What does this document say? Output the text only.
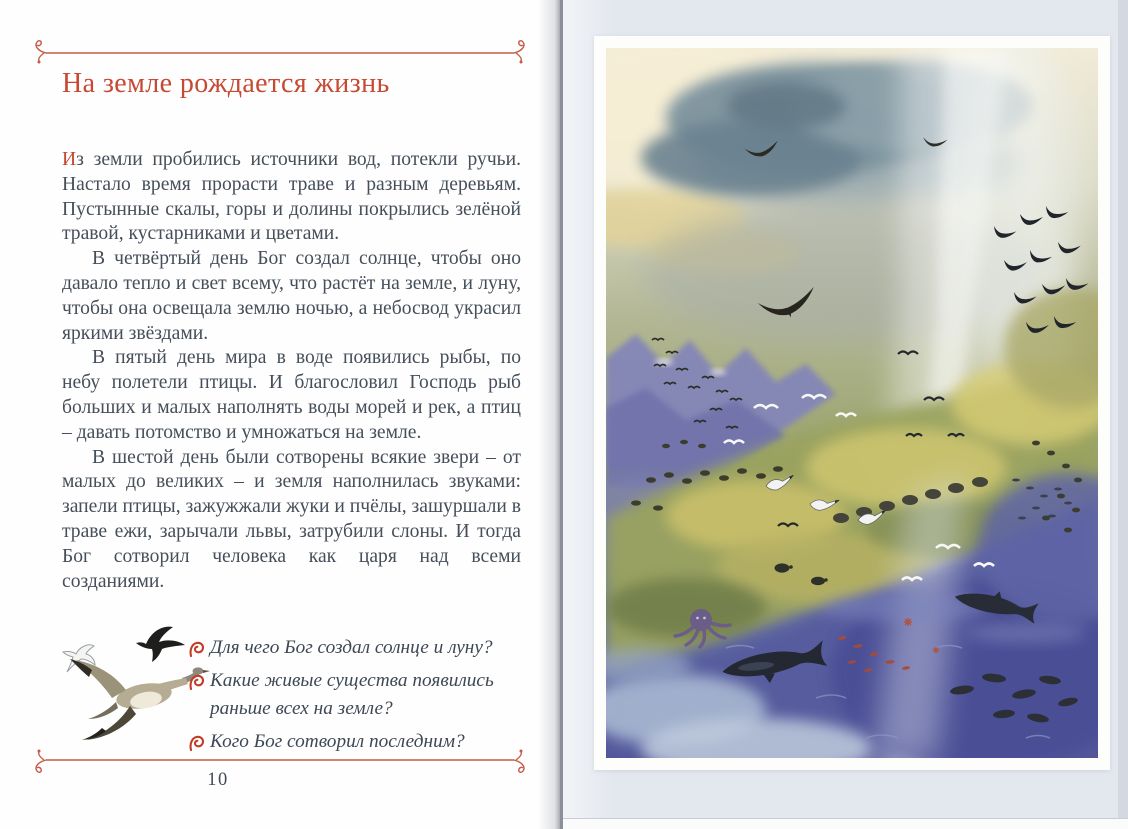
На земле рождается жизнь

Из земли пробились источники вод, потекли ручьи. Настало время прорасти траве и разным деревьям. Пустынные скалы, горы и долины покрылись зелёной травой, кустарниками и цветами.

В четвёртый день Бог создал солнце, чтобы оно давало тепло и свет всему, что растёт на земле, и луну, чтобы она освещала землю ночью, а небосвод украсил яркими звёздами.

В пятый день мира в воде появились рыбы, по небу полетели птицы. И благословил Господь рыб больших и малых наполнять воды морей и рек, а птиц – давать потомство и умножаться на земле.

В шестой день были сотворены всякие звери – от малых до великих – и земля наполнилась звуками: запели птицы, зажужжали жуки и пчёлы, зашуршали в траве ежи, зарычали львы, затрубили слоны. И тогда Бог сотворил человека как царя над всеми созданиями.

Для чего Бог создал солнце и луну?
Какие живые существа появились раньше всех на земле?
Кого Бог сотворил последним?
10
